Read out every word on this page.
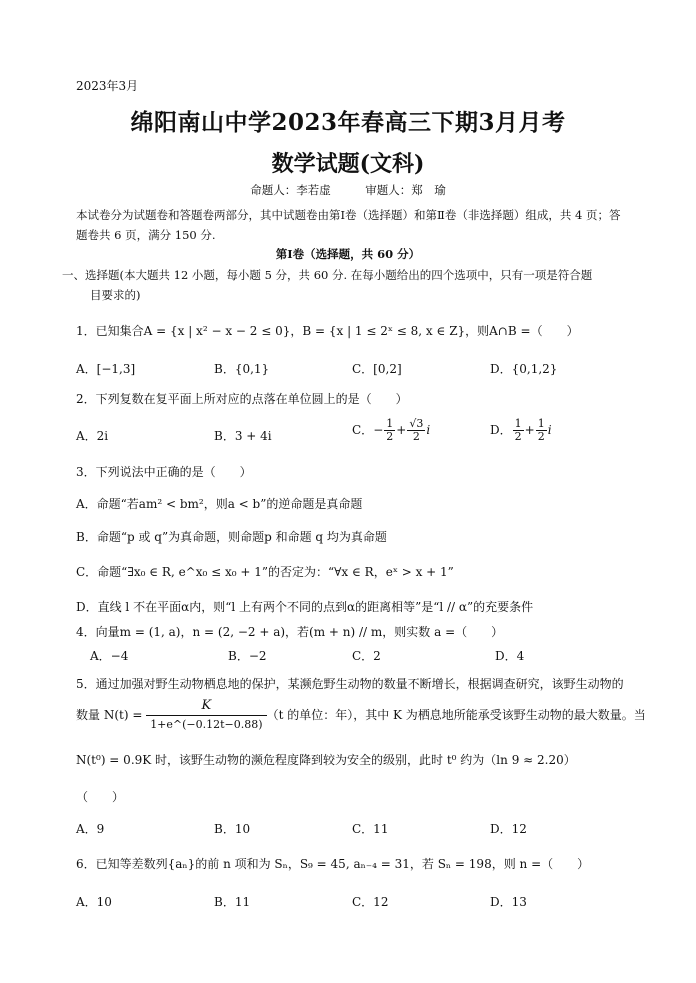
2023年3月
绵阳南山中学2023年春高三下期3月月考
数学试题(文科)
命题人：李若虚　　　审题人：郑　瑜
本试卷分为试题卷和答题卷两部分，其中试题卷由第Ⅰ卷（选择题）和第Ⅱ卷（非选择题）组成，共 4 页；答题卷共 6 页，满分 150 分.
第Ⅰ卷（选择题，共 60 分）
一、选择题(本大题共 12 小题，每小题 5 分，共 60 分. 在每小题给出的四个选项中，只有一项是符合题
目要求的)
1．已知集合A = {x | x² − x − 2 ≤ 0}，B = {x | 1 ≤ 2ˣ ≤ 8, x ∈ Z}，则A∩B =（　　）
A．[−1,3]	B．{0,1}	C．[0,2]	D．{0,1,2}
2．下列复数在复平面上所对应的点落在单位圆上的是（　　）
A．2i	B．3 + 4i	C．− $\frac{1}{2} + \frac{√3}{2}$ i	D． $\frac{1}{2} + \frac{1}{2}$ i
3．下列说法中正确的是（　　）
A．命题“若am² < bm²，则a < b”的逆命题是真命题
B．命题“p 或 q”为真命题，则命题p 和命题 q 均为真命题
C．命题“∃x₀ ∈ R, e^x₀ ≤ x₀ + 1”的否定为：“∀x ∈ R，eˣ > x + 1”
D．直线 l 不在平面α内，则“l 上有两个不同的点到α的距离相等”是“l // α”的充要条件
4．向量m = (1, a)，n = (2, −2 + a)，若(m + n) // m，则实数 a =（　　）
A．−4	B．−2	C．2	D．4
5．通过加强对野生动物栖息地的保护，某濒危野生动物的数量不断增长，根据调查研究，该野生动物的
数量 $N(t) = \frac{K}{1+e\^{}(-0.12t-0.88)} (t$ 的单位：年），其中 K 为栖息地所能承受该野生动物的最大数量。当
N(t⁰) = 0.9K 时，该野生动物的濒危程度降到较为安全的级别，此时 t⁰ 约为（ln 9 ≈ 2.20）
（　　）
A．9	B．10	C．11	D．12
6．已知等差数列{aₙ}的前 n 项和为 Sₙ，S₉ = 45, aₙ₋₄ = 31，若 Sₙ = 198，则 n =（　　）
A．10	B．11	C．12	D．13
